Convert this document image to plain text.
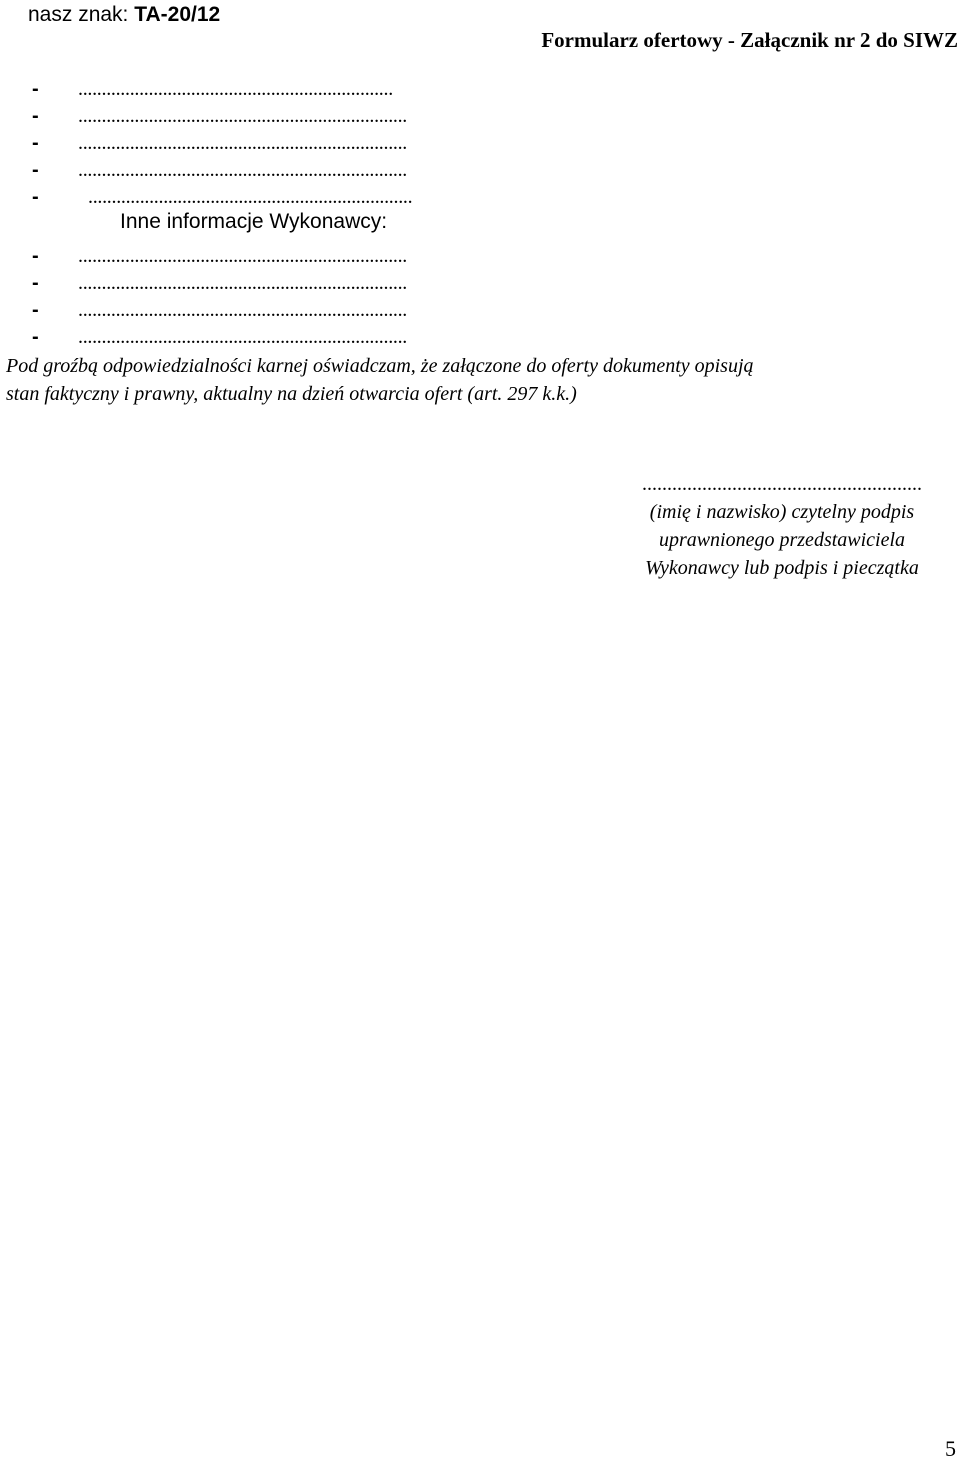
nasz znak: TA-20/12
Formularz ofertowy - Załącznik nr 2 do SIWZ
- ...................................................................
- ......................................................................
- ......................................................................
- ......................................................................
- .....................................................................
Inne informacje Wykonawcy:
- ......................................................................
- ......................................................................
- ......................................................................
- ......................................................................
Pod groźbą odpowiedzialności karnej oświadczam, że załączone do oferty dokumenty opisują
stan faktyczny i prawny, aktualny na dzień otwarcia ofert (art. 297 k.k.)
........................................................
(imię i nazwisko) czytelny podpis
uprawnionego przedstawiciela
Wykonawcy lub podpis i pieczątka
5
